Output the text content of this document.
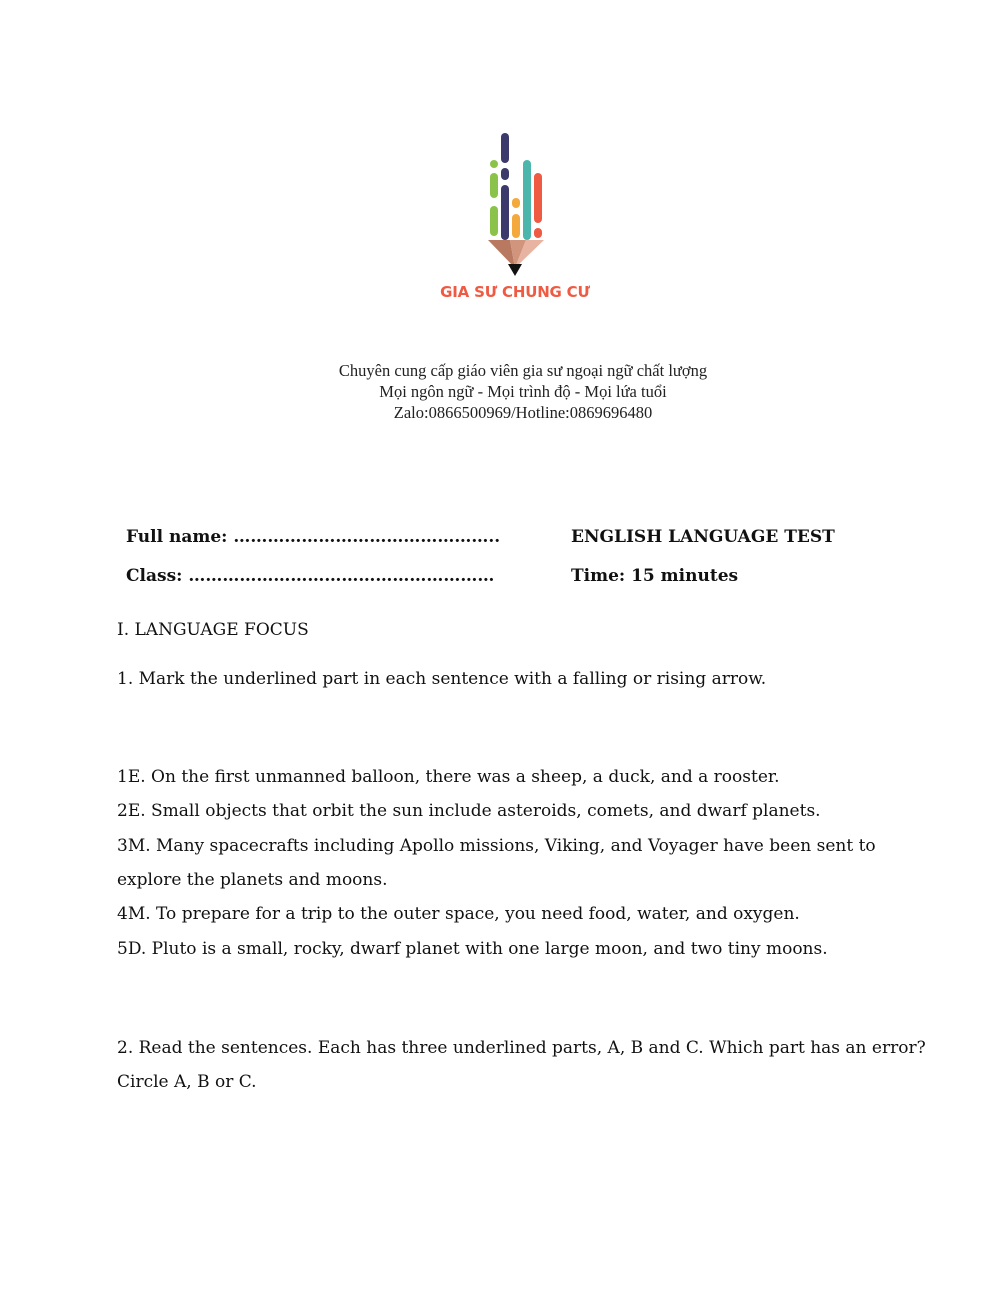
GIA SƯ CHUNG CƯ
Chuyên cung cấp giáo viên gia sư ngoại ngữ chất lượng
Mọi ngôn ngữ - Mọi trình độ - Mọi lứa tuổi
Zalo:0866500969/Hotline:0869696480
Full name: ………………………………………..
Class: ………………………………………………
ENGLISH LANGUAGE TEST
Time: 15 minutes
I. LANGUAGE FOCUS
1. Mark the underlined part in each sentence with a falling or rising arrow.
1E. On the first unmanned balloon, there was a sheep, a duck, and a rooster.
2E. Small objects that orbit the sun include asteroids, comets, and dwarf planets.
3M. Many spacecrafts including Apollo missions, Viking, and Voyager have been sent to
explore the planets and moons.
4M. To prepare for a trip to the outer space, you need food, water, and oxygen.
5D. Pluto is a small, rocky, dwarf planet with one large moon, and two tiny moons.
2. Read the sentences. Each has three underlined parts, A, B and C. Which part has an error?
Circle A, B or C.
